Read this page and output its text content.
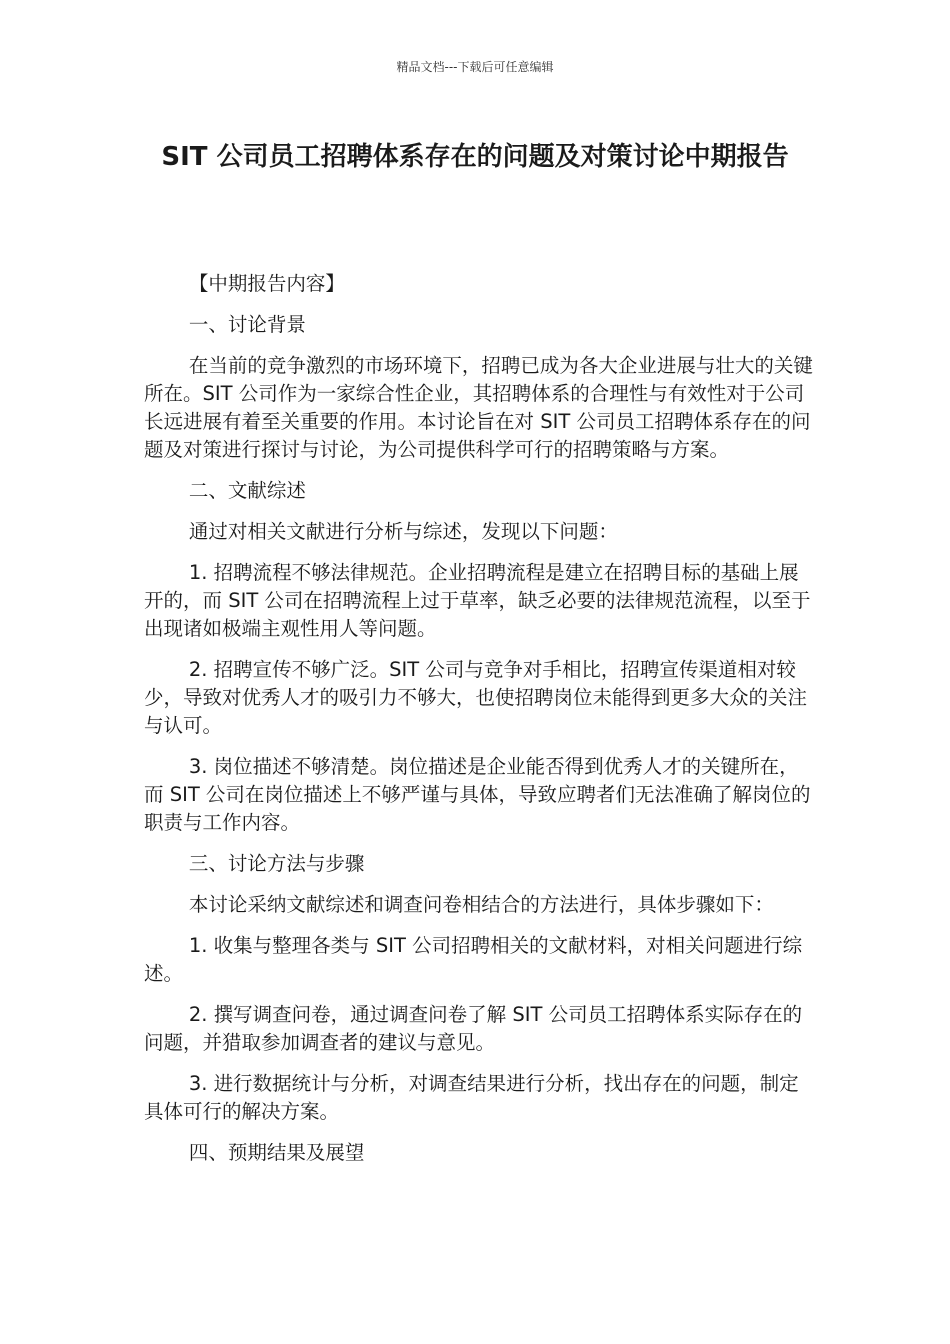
精品文档---下载后可任意编辑
SIT 公司员工招聘体系存在的问题及对策讨论中期报告

【中期报告内容】

一、讨论背景

在当前的竞争激烈的市场环境下，招聘已成为各大企业进展与壮大的关键所在。SIT 公司作为一家综合性企业，其招聘体系的合理性与有效性对于公司长远进展有着至关重要的作用。本讨论旨在对 SIT 公司员工招聘体系存在的问题及对策进行探讨与讨论，为公司提供科学可行的招聘策略与方案。

二、文献综述

通过对相关文献进行分析与综述，发现以下问题：

1. 招聘流程不够法律规范。企业招聘流程是建立在招聘目标的基础上展开的，而 SIT 公司在招聘流程上过于草率，缺乏必要的法律规范流程，以至于出现诸如极端主观性用人等问题。

2. 招聘宣传不够广泛。SIT 公司与竞争对手相比，招聘宣传渠道相对较少，导致对优秀人才的吸引力不够大，也使招聘岗位未能得到更多大众的关注与认可。

3. 岗位描述不够清楚。岗位描述是企业能否得到优秀人才的关键所在，而 SIT 公司在岗位描述上不够严谨与具体，导致应聘者们无法准确了解岗位的职责与工作内容。

三、讨论方法与步骤

本讨论采纳文献综述和调查问卷相结合的方法进行，具体步骤如下：

1. 收集与整理各类与 SIT 公司招聘相关的文献材料，对相关问题进行综述。

2. 撰写调查问卷，通过调查问卷了解 SIT 公司员工招聘体系实际存在的问题，并猎取参加调查者的建议与意见。

3. 进行数据统计与分析，对调查结果进行分析，找出存在的问题，制定具体可行的解决方案。

四、预期结果及展望
